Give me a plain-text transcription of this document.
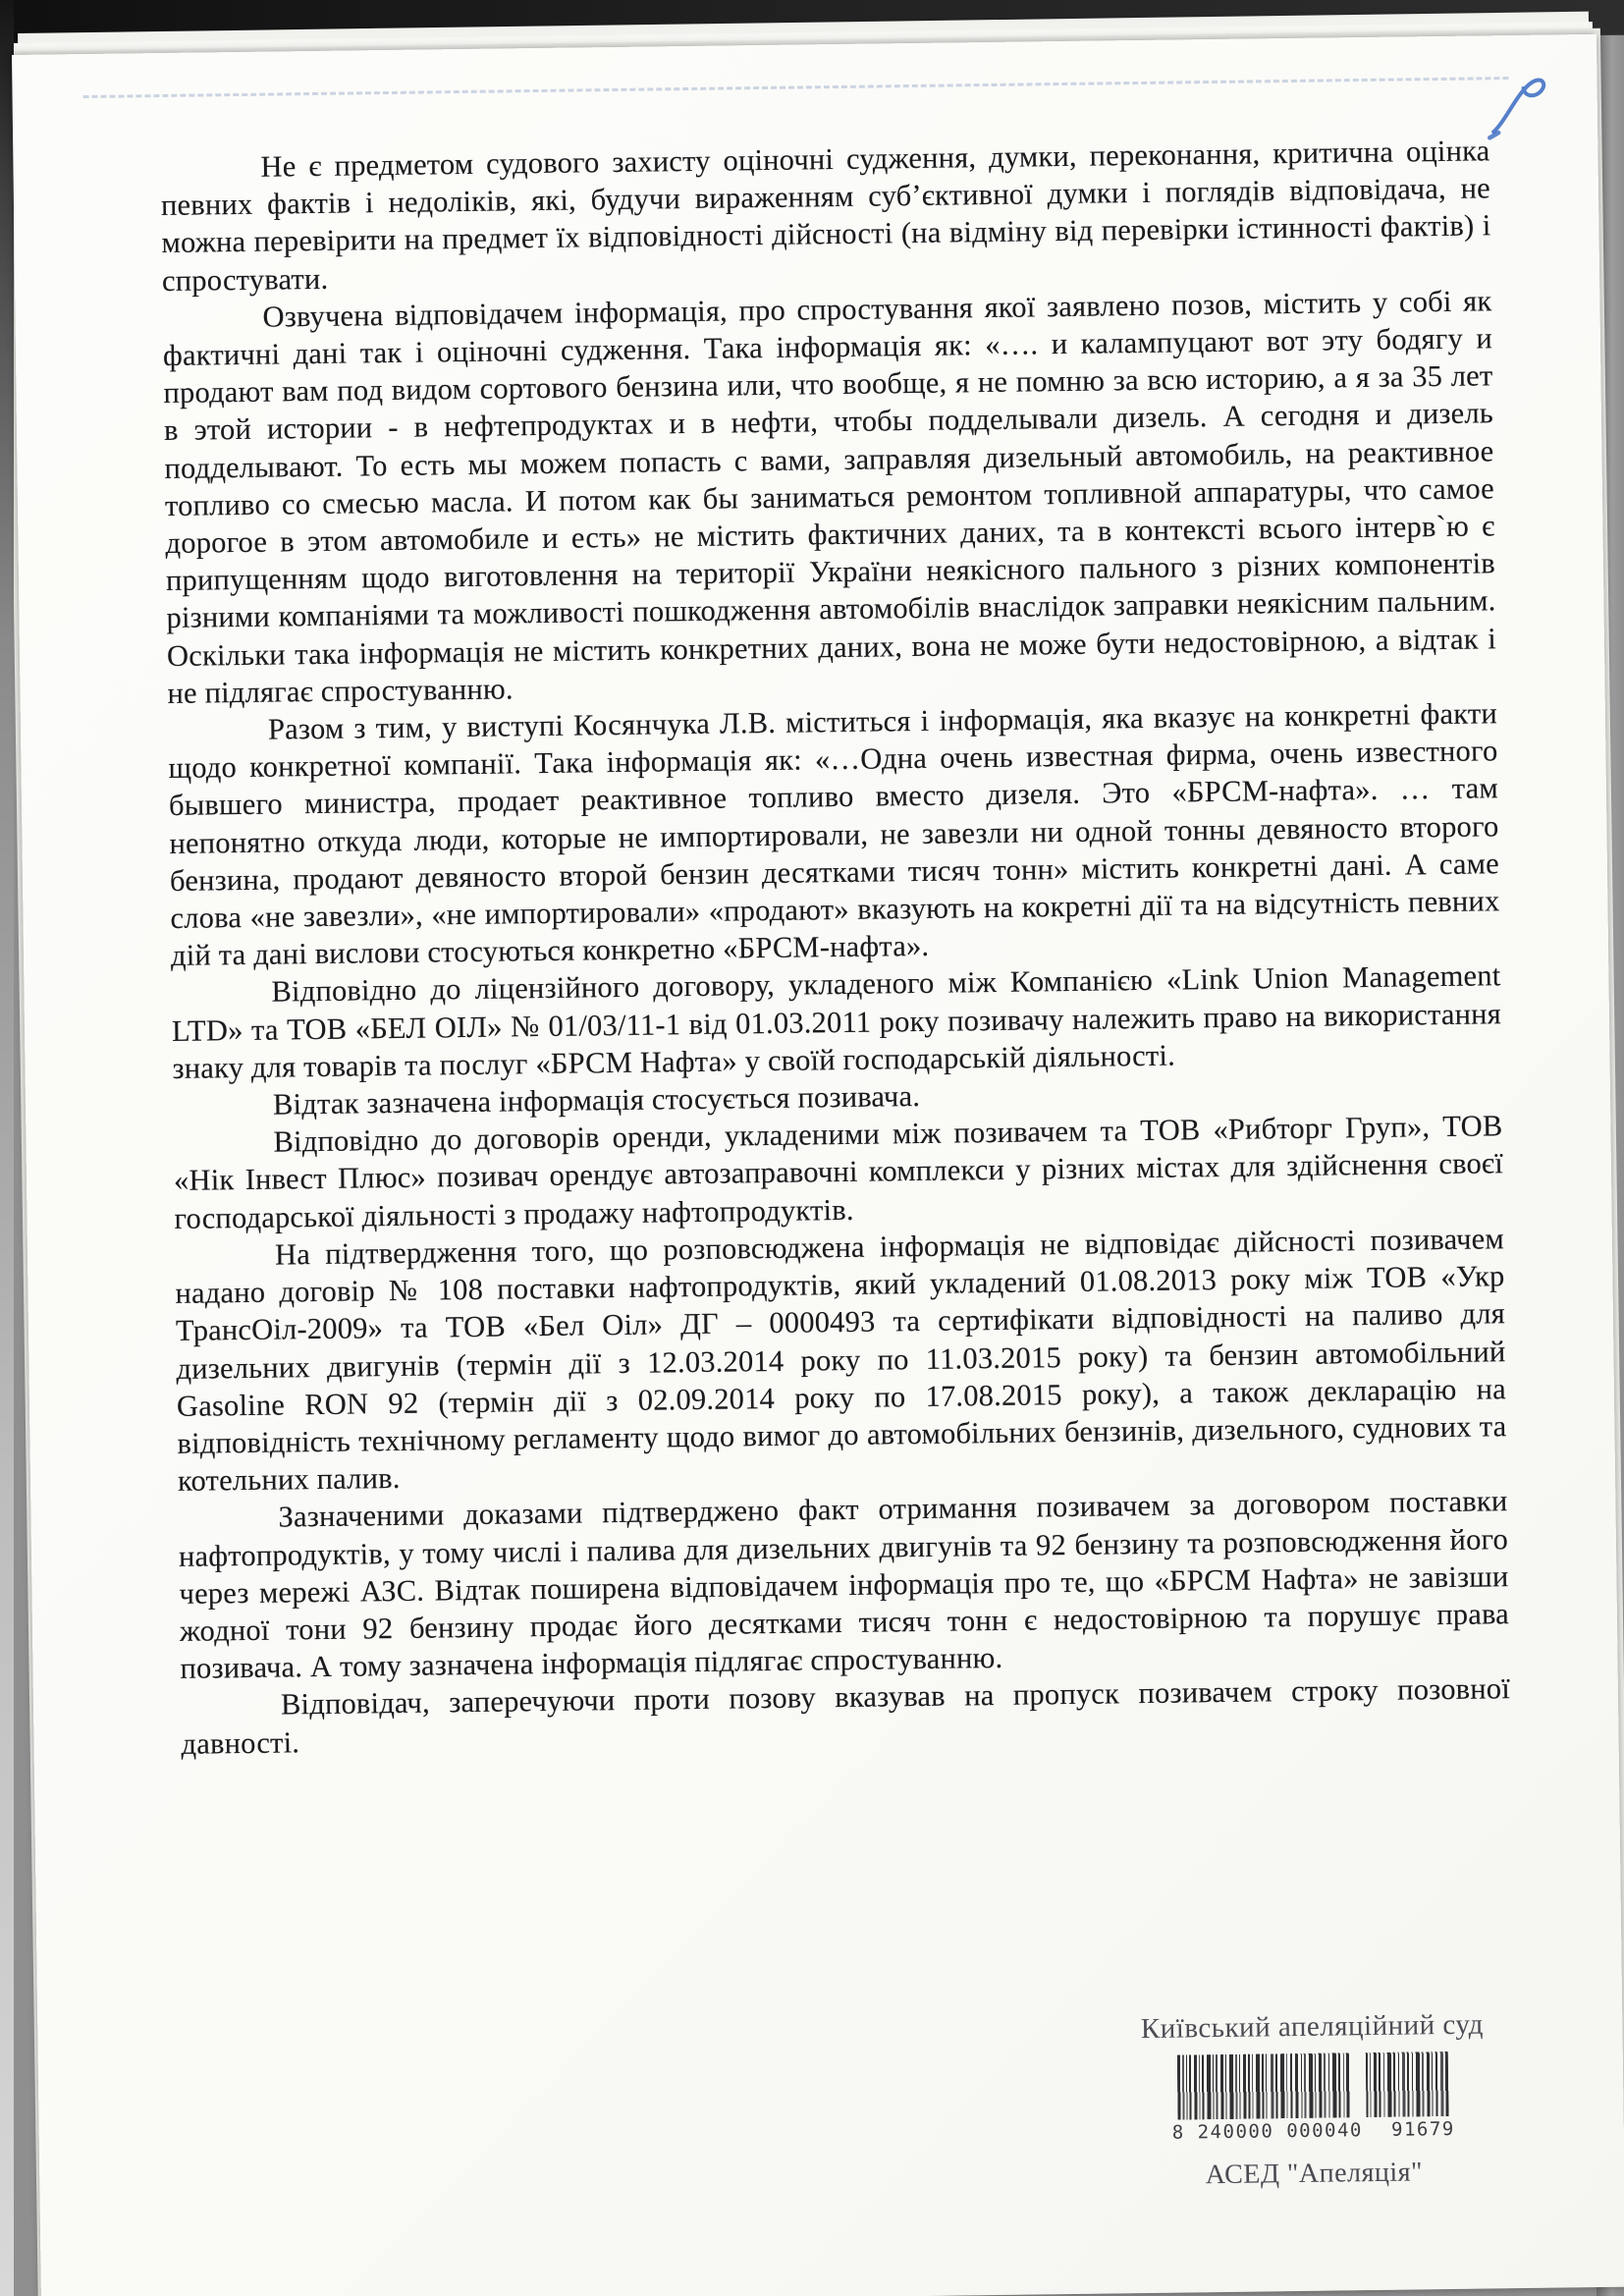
Не є предметом судового захисту оціночні судження, думки, переконання, критична оцінка певних фактів і недоліків, які, будучи вираженням суб’єктивної думки і поглядів відповідача, не можна перевірити на предмет їх відповідності дійсності (на відміну від перевірки істинності фактів) і спростувати.

Озвучена відповідачем інформація, про спростування якої заявлено позов, містить у собі як фактичні дані так і оціночні судження. Така інформація як: «…. и калампуцают вот эту бодягу и продают вам под видом сортового бензина или, что вообще, я не помню за всю историю, а я за 35 лет в этой истории - в нефтепродуктах и в нефти, чтобы подделывали дизель. А сегодня и дизель подделывают. То есть мы можем попасть с вами, заправляя дизельный автомобиль, на реактивное топливо со смесью масла. И потом как бы заниматься ремонтом топливной аппаратуры, что самое дорогое в этом автомобиле и есть» не містить фактичних даних, та в контексті всього інтерв`ю є припущенням щодо виготовлення на території України неякісного пального з різних компонентів різними компаніями та можливості пошкодження автомобілів внаслідок заправки неякісним пальним. Оскільки така інформація не містить конкретних даних, вона не може бути недостовірною, а відтак і не підлягає спростуванню.

Разом з тим, у виступі Косянчука Л.В. міститься і інформація, яка вказує на конкретні факти щодо конкретної компанії. Така інформація як: «…Одна очень известная фирма, очень известного бывшего министра, продает реактивное топливо вместо дизеля. Это «БРСМ-нафта». … там непонятно откуда люди, которые не импортировали, не завезли ни одной тонны девяносто второго бензина, продают девяносто второй бензин десятками тисяч тонн» містить конкретні дані. А саме слова «не завезли», «не импортировали» «продают» вказують на кокретні дії та на відсутність певних дій та дані вислови стосуються конкретно «БРСМ-нафта».

Відповідно до ліцензійного договору, укладеного між Компанією «Link Union Management LTD» та ТОВ «БЕЛ ОІЛ» № 01/03/11-1 від 01.03.2011 року позивачу належить право на використання знаку для товарів та послуг «БРСМ Нафта» у своїй господарській діяльності.

Відтак зазначена інформація стосується позивача.

Відповідно до договорів оренди, укладеними між позивачем та ТОВ «Рибторг Груп», ТОВ «Нік Інвест Плюс» позивач орендує автозаправочні комплекси у різних містах для здійснення своєї господарської діяльності з продажу нафтопродуктів.

На підтвердження того, що розповсюджена інформація не відповідає дійсності позивачем надано договір № 108 поставки нафтопродуктів, який укладений 01.08.2013 року між ТОВ «Укр ТрансОіл-2009» та ТОВ «Бел Оіл» ДГ – 0000493 та сертифікати відповідності на паливо для дизельних двигунів (термін дії з 12.03.2014 року по 11.03.2015 року) та бензин автомобільний Gasoline RON 92 (термін дії з 02.09.2014 року по 17.08.2015 року), а також декларацію на відповідність технічному регламенту щодо вимог до автомобільних бензинів, дизельного, суднових та котельних палив.

Зазначеними доказами підтверджено факт отримання позивачем за договором поставки нафтопродуктів, у тому числі і палива для дизельних двигунів та 92 бензину та розповсюдження його через мережі АЗС. Відтак поширена відповідачем інформація про те, що «БРСМ Нафта» не завізши жодної тони 92 бензину продає його десятками тисяч тонн є недостовірною та порушує права позивача. А тому зазначена інформація підлягає спростуванню.

Відповідач, заперечуючи проти позову вказував на пропуск позивачем строку позовної давності.

Київський апеляційний суд
8 240000 000040 91679
АСЕД "Апеляція"
